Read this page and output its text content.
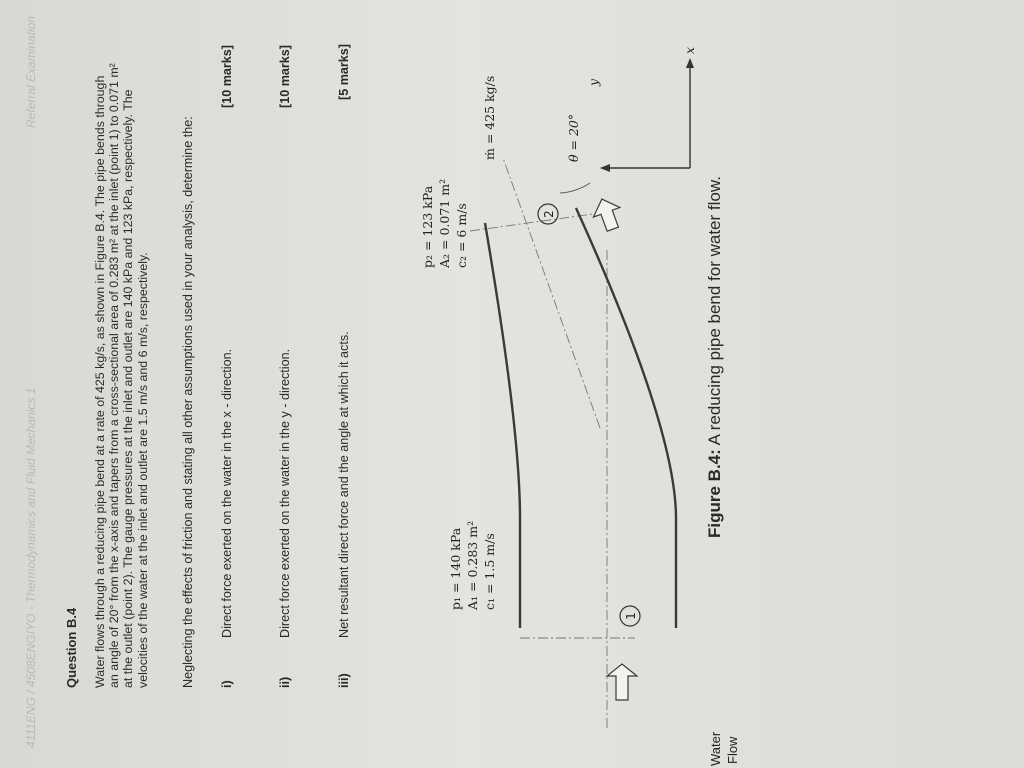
4111ENG / 4508ENGIYO - Thermodynamics and Fluid Mechanics 1
Referral Examination
Question B.4 Water flows through a reducing pipe bend at a rate of 425 kg/s, as shown in Figure B.4. The pipe bends through an angle of 20° from the x-axis and tapers from a cross-sectional area of 0.283 m² at the inlet (point 1) to 0.071 m² at the outlet (point 2). The gauge pressures at the inlet and outlet are 140 kPa and 123 kPa, respectively. The velocities of the water at the inlet and outlet are 1.5 m/s and 6 m/s, respectively. Neglecting the effects of friction and stating all other assumptions used in your analysis, determine the: i)
Direct force exerted on the water in the x - direction.
[10 marks]
ii)
Direct force exerted on the water in the y - direction.
[10 marks]
iii)
Net resultant direct force and the angle at which it acts.
[5 marks]
1
2
x
y
p₁ = 140 kPa A₁ = 0.283 m² c₁ = 1.5 m/s
p₂ = 123 kPa A₂ = 0.071 m² c₂ = 6 m/s
ṁ = 425 kg/s	θ = 20°
Water Flow
Figure B.4: A reducing pipe bend for water flow.
